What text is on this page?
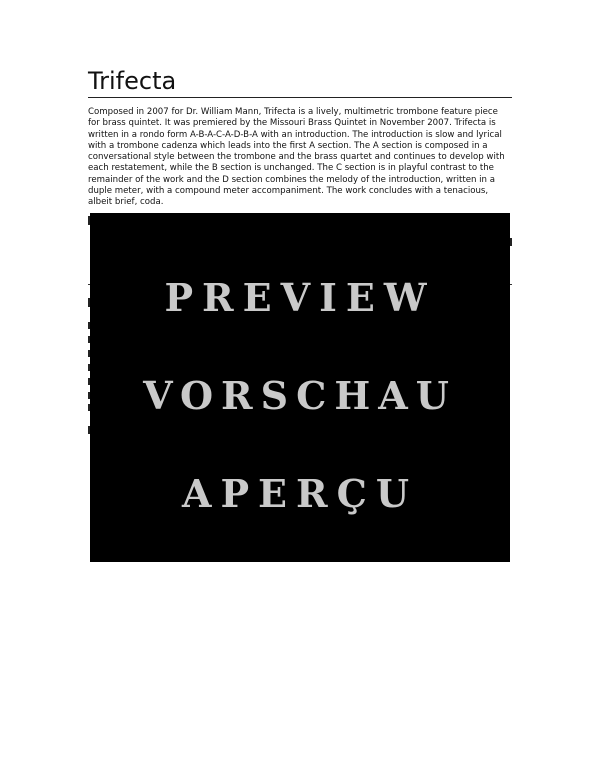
Trifecta

Composed in 2007 for Dr. William Mann, Trifecta is a lively, multimetric trombone feature piece for brass quintet. It was premiered by the Missouri Brass Quintet in November 2007. Trifecta is written in a rondo form A-B-A-C-A-D-B-A with an introduction. The introduction is slow and lyrical with a trombone cadenza which leads into the first A section. The A section is composed in a conversational style between the trombone and the brass quartet and continues to develop with each restatement, while the B section is unchanged. The C section is in playful contrast to the remainder of the work and the D section combines the melody of the introduction, written in a duple meter, with a compound meter accompaniment. The work concludes with a tenacious, albeit brief, coda.

PREVIEW
VORSCHAU
APERÇU
